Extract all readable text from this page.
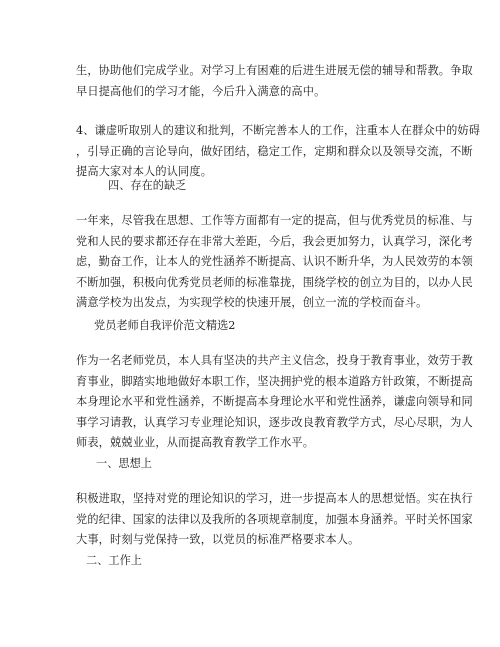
生，协助他们完成学业。对学习上有困难的后进生进展无偿的辅导和帮教。争取
早日提高他们的学习才能，今后升入满意的高中。

4、谦虚听取别人的建议和批判，不断完善本人的工作，注重本人在群众中的妨碍
，引导正确的言论导向，做好团结，稳定工作，定期和群众以及领导交流，不断
提高大家对本人的认同度。

四、存在的缺乏

一年来，尽管我在思想、工作等方面都有一定的提高，但与优秀党员的标准、与
党和人民的要求都还存在非常大差距，今后，我会更加努力，认真学习，深化考
虑，勤奋工作，让本人的党性涵养不断提高、认识不断升华，为人民效劳的本领
不断加强，积极向优秀党员老师的标准靠拢，围绕学校的创立为目的，以办人民
满意学校为出发点，为实现学校的快速开展，创立一流的学校而奋斗。

党员老师自我评价范文精选2

作为一名老师党员，本人具有坚决的共产主义信念，投身于教育事业，效劳于教
育事业，脚踏实地地做好本职工作，坚决拥护党的根本道路方针政策，不断提高
本身理论水平和党性涵养，不断提高本身理论水平和党性涵养，谦虚向领导和同
事学习请教，认真学习专业理论知识，逐步改良教育教学方式，尽心尽职，为人
师表，兢兢业业，从而提高教育教学工作水平。

一、思想上

积极进取，坚持对党的理论知识的学习，进一步提高本人的思想觉悟。实在执行
党的纪律、国家的法律以及我所的各项规章制度，加强本身涵养。平时关怀国家
大事，时刻与党保持一致，以党员的标准严格要求本人。

二、工作上
